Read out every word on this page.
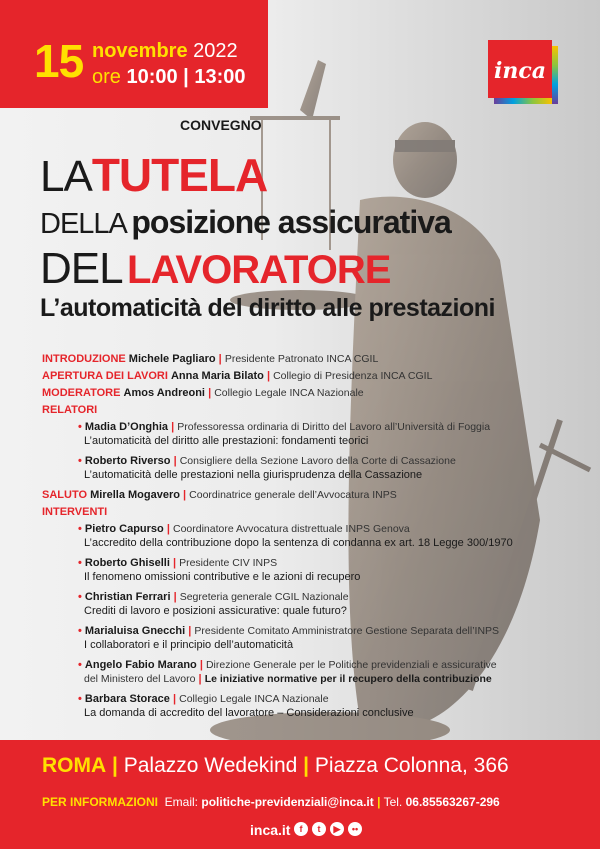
15 novembre 2022
ore 10:00 | 13:00	inca
CONVEGNO
LATUTELA
DELLA posizione assicurativa
DEL LAVORATORE
L’automaticità del diritto alle prestazioni
INTRODUZIONE Michele Pagliaro | Presidente Patronato INCA CGIL
APERTURA DEI LAVORI Anna Maria Bilato | Collegio di Presidenza INCA CGIL
MODERATORE Amos Andreoni | Collegio Legale INCA Nazionale
RELATORI
• Madia D’Onghia | Professoressa ordinaria di Diritto del Lavoro all’Università di Foggia
L’automaticità del diritto alle prestazioni: fondamenti teorici
• Roberto Riverso | Consigliere della Sezione Lavoro della Corte di Cassazione
L’automaticità delle prestazioni nella giurisprudenza della Cassazione
SALUTO Mirella Mogavero | Coordinatrice generale dell’Avvocatura INPS
INTERVENTI
• Pietro Capurso | Coordinatore Avvocatura distrettuale INPS Genova
L’accredito della contribuzione dopo la sentenza di condanna ex art. 18 Legge 300/1970
• Roberto Ghiselli | Presidente CIV INPS
Il fenomeno omissioni contributive e le azioni di recupero
• Christian Ferrari | Segreteria generale CGIL Nazionale
Crediti di lavoro e posizioni assicurative: quale futuro?
• Marialuisa Gnecchi | Presidente Comitato Amministratore Gestione Separata dell’INPS
I collaboratori e il principio dell’automaticità
• Angelo Fabio Marano | Direzione Generale per le Politiche previdenziali e assicurative
del Ministero del Lavoro | Le iniziative normative per il recupero della contribuzione
• Barbara Storace | Collegio Legale INCA Nazionale
La domanda di accredito del lavoratore – Considerazioni conclusive
ROMA | Palazzo Wedekind | Piazza Colonna, 366
PER INFORMAZIONI Email: politiche-previdenziali@inca.it | Tel. 06.85563267-296
inca.it	f	t	▶	••
